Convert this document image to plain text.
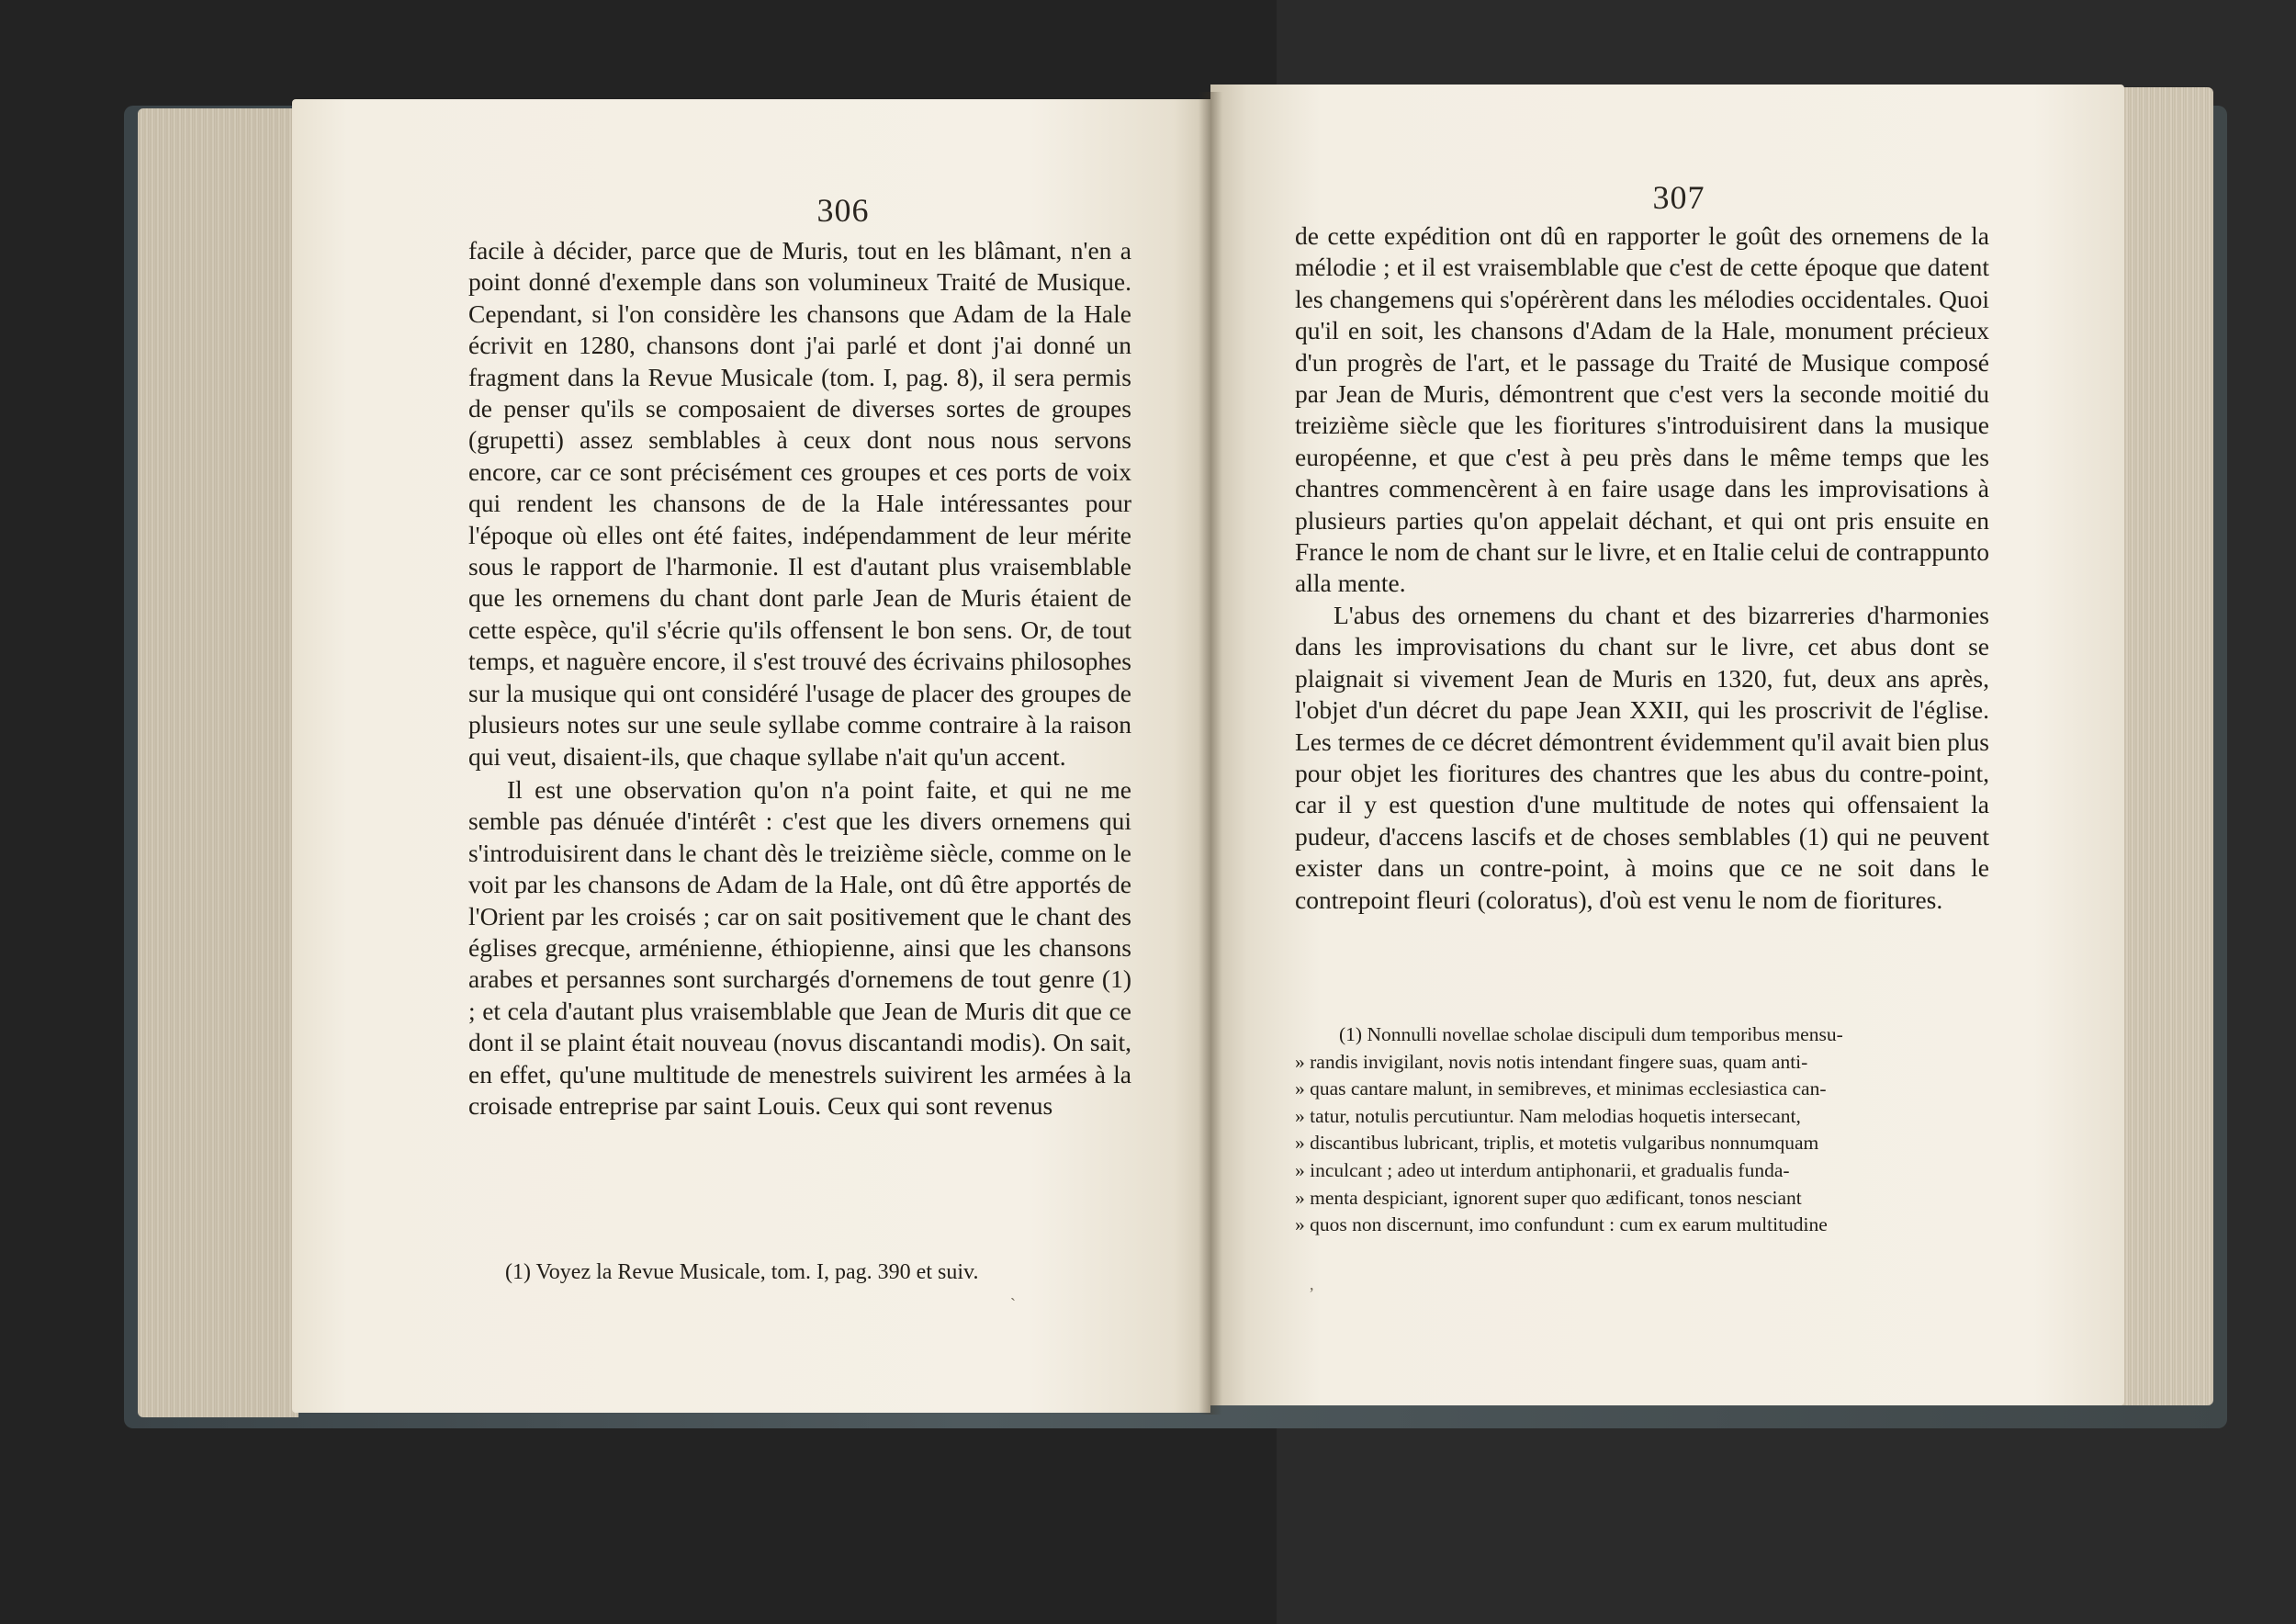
306

facile à décider, parce que de Muris, tout en les blâmant, n'en a point donné d'exemple dans son volumineux Traité de Musique. Cependant, si l'on considère les chansons que Adam de la Hale écrivit en 1280, chansons dont j'ai parlé et dont j'ai donné un fragment dans la Revue Musicale (tom. I, pag. 8), il sera permis de penser qu'ils se composaient de diverses sortes de groupes (grupetti) assez semblables à ceux dont nous nous servons encore, car ce sont précisément ces groupes et ces ports de voix qui rendent les chansons de de la Hale intéressantes pour l'époque où elles ont été faites, indépendamment de leur mérite sous le rapport de l'harmonie. Il est d'autant plus vraisemblable que les ornemens du chant dont parle Jean de Muris étaient de cette espèce, qu'il s'écrie qu'ils offensent le bon sens. Or, de tout temps, et naguère encore, il s'est trouvé des écrivains philosophes sur la musique qui ont considéré l'usage de placer des groupes de plusieurs notes sur une seule syllabe comme contraire à la raison qui veut, disaient-ils, que chaque syllabe n'ait qu'un accent.

Il est une observation qu'on n'a point faite, et qui ne me semble pas dénuée d'intérêt : c'est que les divers ornemens qui s'introduisirent dans le chant dès le treizième siècle, comme on le voit par les chansons de Adam de la Hale, ont dû être apportés de l'Orient par les croisés ; car on sait positivement que le chant des églises grecque, arménienne, éthiopienne, ainsi que les chansons arabes et persannes sont surchargés d'ornemens de tout genre (1) ; et cela d'autant plus vraisemblable que Jean de Muris dit que ce dont il se plaint était nouveau (novus discantandi modis). On sait, en effet, qu'une multitude de menestrels suivirent les armées à la croisade entreprise par saint Louis. Ceux qui sont revenus

(1) Voyez la Revue Musicale, tom. I, pag. 390 et suiv.
`
307

de cette expédition ont dû en rapporter le goût des ornemens de la mélodie ; et il est vraisemblable que c'est de cette époque que datent les changemens qui s'opérèrent dans les mélodies occidentales. Quoi qu'il en soit, les chansons d'Adam de la Hale, monument précieux d'un progrès de l'art, et le passage du Traité de Musique composé par Jean de Muris, démontrent que c'est vers la seconde moitié du treizième siècle que les fioritures s'introduisirent dans la musique européenne, et que c'est à peu près dans le même temps que les chantres commencèrent à en faire usage dans les improvisations à plusieurs parties qu'on appelait déchant, et qui ont pris ensuite en France le nom de chant sur le livre, et en Italie celui de contrappunto alla mente.

L'abus des ornemens du chant et des bizarreries d'harmonies dans les improvisations du chant sur le livre, cet abus dont se plaignait si vivement Jean de Muris en 1320, fut, deux ans après, l'objet d'un décret du pape Jean XXII, qui les proscrivit de l'église. Les termes de ce décret démontrent évidemment qu'il avait bien plus pour objet les fioritures des chantres que les abus du contre-point, car il y est question d'une multitude de notes qui offensaient la pudeur, d'accens lascifs et de choses semblables (1) qui ne peuvent exister dans un contre-point, à moins que ce ne soit dans le contrepoint fleuri (coloratus), d'où est venu le nom de fioritures.

(1) Nonnulli novellae scholae discipuli dum temporibus mensu-
» randis invigilant, novis notis intendant fingere suas, quam anti-
» quas cantare malunt, in semibreves, et minimas ecclesiastica can-
» tatur, notulis percutiuntur. Nam melodias hoquetis intersecant,
» discantibus lubricant, triplis, et motetis vulgaribus nonnumquam
» inculcant ; adeo ut interdum antiphonarii, et gradualis funda-
» menta despiciant, ignorent super quo ædificant, tonos nesciant
» quos non discernunt, imo confundunt : cum ex earum multitudine
,
